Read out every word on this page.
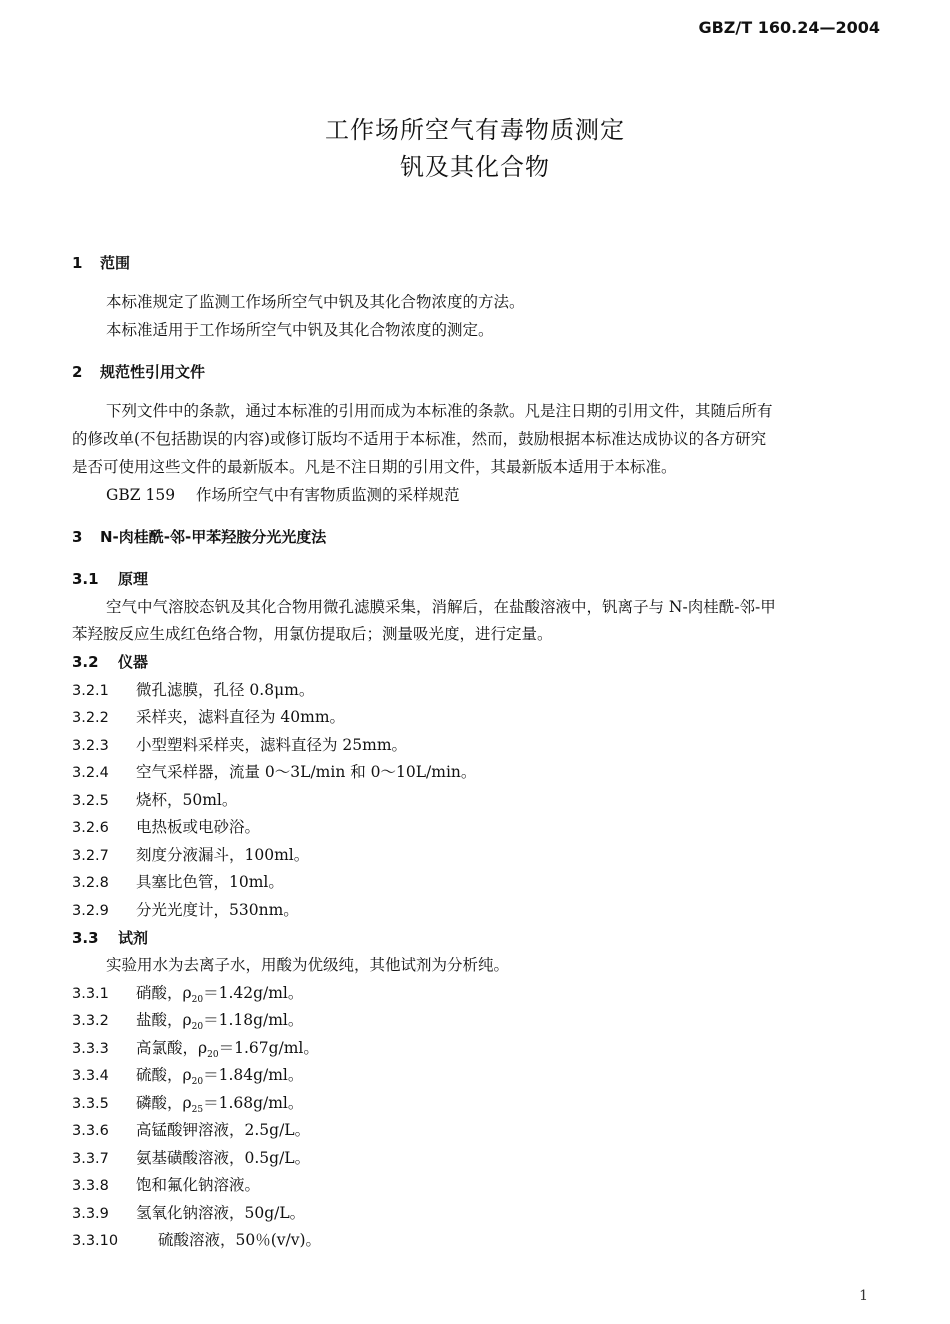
GBZ/T 160.24—2004
工作场所空气有毒物质测定
钒及其化合物
1 范围
本标准规定了监测工作场所空气中钒及其化合物浓度的方法。
本标准适用于工作场所空气中钒及其化合物浓度的测定。
2 规范性引用文件
下列文件中的条款，通过本标准的引用而成为本标准的条款。凡是注日期的引用文件，其随后所有
的修改单(不包括勘误的内容)或修订版均不适用于本标准，然而，鼓励根据本标准达成协议的各方研究
是否可使用这些文件的最新版本。凡是不注日期的引用文件，其最新版本适用于本标准。
GBZ 159 作场所空气中有害物质监测的采样规范
3 N-肉桂酰-邻-甲苯羟胺分光光度法
3.1 原理
空气中气溶胶态钒及其化合物用微孔滤膜采集，消解后，在盐酸溶液中，钒离子与 N-肉桂酰-邻-甲
苯羟胺反应生成红色络合物，用氯仿提取后；测量吸光度，进行定量。
3.2 仪器
3.2.1 微孔滤膜，孔径 0.8μm。
3.2.2 采样夹，滤料直径为 40mm。
3.2.3 小型塑料采样夹，滤料直径为 25mm。
3.2.4 空气采样器，流量 0～3L/min 和 0～10L/min。
3.2.5 烧杯，50ml。
3.2.6 电热板或电砂浴。
3.2.7 刻度分液漏斗，100ml。
3.2.8 具塞比色管，10ml。
3.2.9 分光光度计，530nm。
3.3 试剂
实验用水为去离子水，用酸为优级纯，其他试剂为分析纯。
3.3.1 硝酸，$\rho_{20}=1.42g/ml$。
3.3.2 盐酸，$\rho_{20}=1.18g/ml$。
3.3.3 高氯酸，$\rho_{20}=1.67g/ml$。
3.3.4 硫酸，$\rho_{20}=1.84g/ml$。
3.3.5 磷酸，$\rho_{25}=1.68g/ml$。
3.3.6 高锰酸钾溶液，2.5g/L。
3.3.7 氨基磺酸溶液，0.5g/L。
3.3.8 饱和氟化钠溶液。
3.3.9 氢氧化钠溶液，50g/L。
3.3.10	硫酸溶液，50％(v/v)。
1
